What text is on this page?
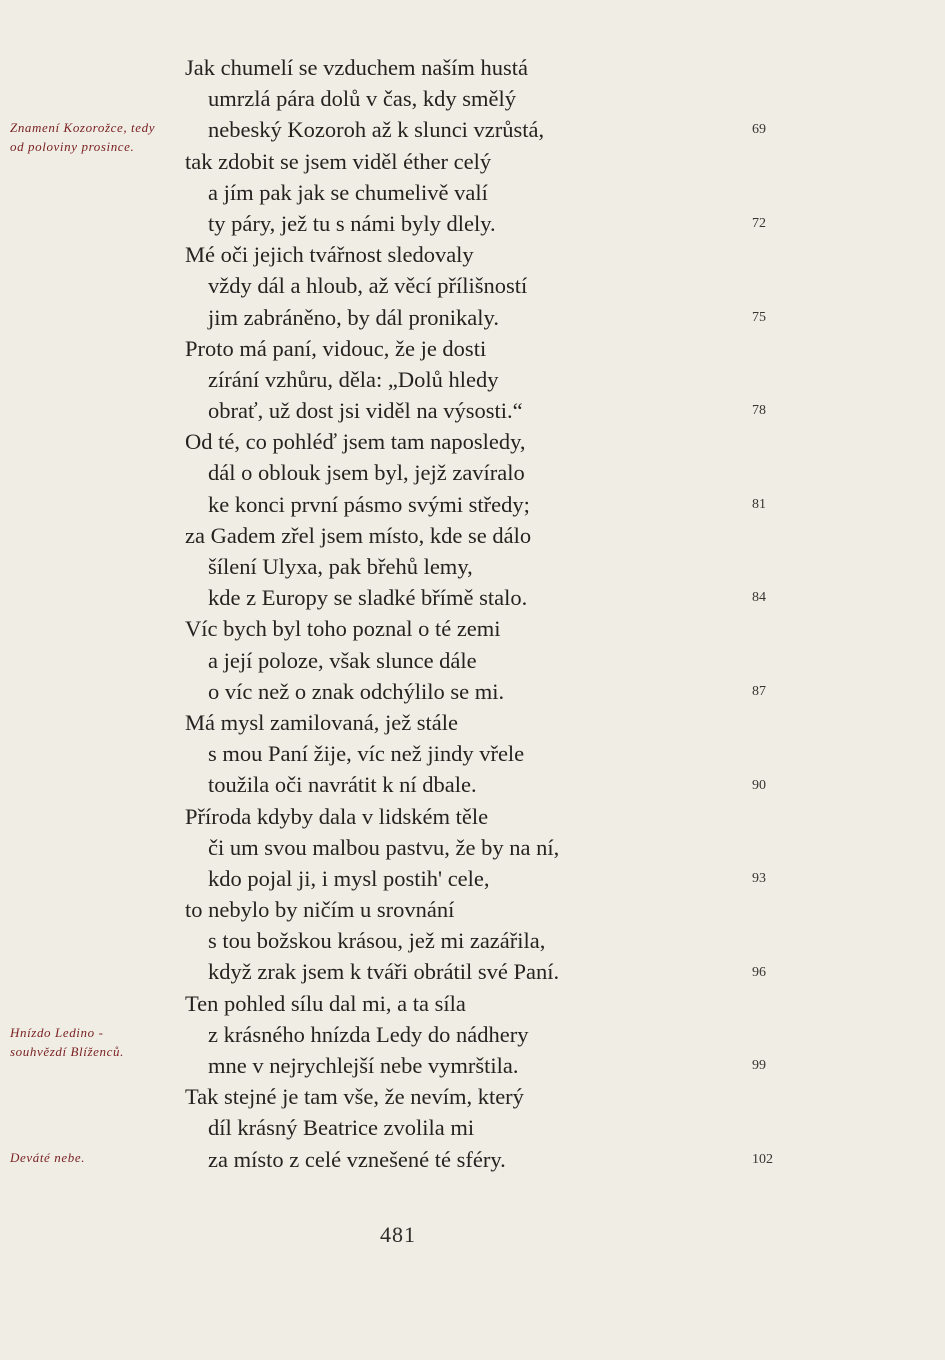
Jak chumelí se vzduchem naším hustá
umrzlá pára dolů v čas, kdy smělý
nebeský Kozoroh až k slunci vzrůstá,
tak zdobit se jsem viděl éther celý
a jím pak jak se chumelivě valí
ty páry, jež tu s námi byly dlely.
Mé oči jejich tvářnost sledovaly
vždy dál a hloub, až věcí přílišností
jim zabráněno, by dál pronikaly.
Proto má paní, vidouc, že je dosti
zírání vzhůru, děla: „Dolů hledy
obrať, už dost jsi viděl na výsosti.“
Od té, co pohléď jsem tam naposledy,
dál o oblouk jsem byl, jejž zavíralo
ke konci první pásmo svými středy;
za Gadem zřel jsem místo, kde se dálo
šílení Ulyxa, pak břehů lemy,
kde z Europy se sladké břímě stalo.
Víc bych byl toho poznal o té zemi
a její poloze, však slunce dále
o víc než o znak odchýlilo se mi.
Má mysl zamilovaná, jež stále
s mou Paní žije, víc než jindy vřele
toužila oči navrátit k ní dbale.
Příroda kdyby dala v lidském těle
či um svou malbou pastvu, že by na ní,
kdo pojal ji, i mysl postih' cele,
to nebylo by ničím u srovnání
s tou božskou krásou, jež mi zazářila,
když zrak jsem k tváři obrátil své Paní.
Ten pohled sílu dal mi, a ta síla
z krásného hnízda Ledy do nádhery
mne v nejrychlejší nebe vymrštila.
Tak stejné je tam vše, že nevím, který
díl krásný Beatrice zvolila mi
za místo z celé vznešené té sféry.
69
72
75
78
81
84
87
90
93
96
99
102
Znamení Kozorožce, tedy od poloviny prosince.
Hnízdo Ledino - souhvězdí Blíženců.
Deváté nebe.
481
